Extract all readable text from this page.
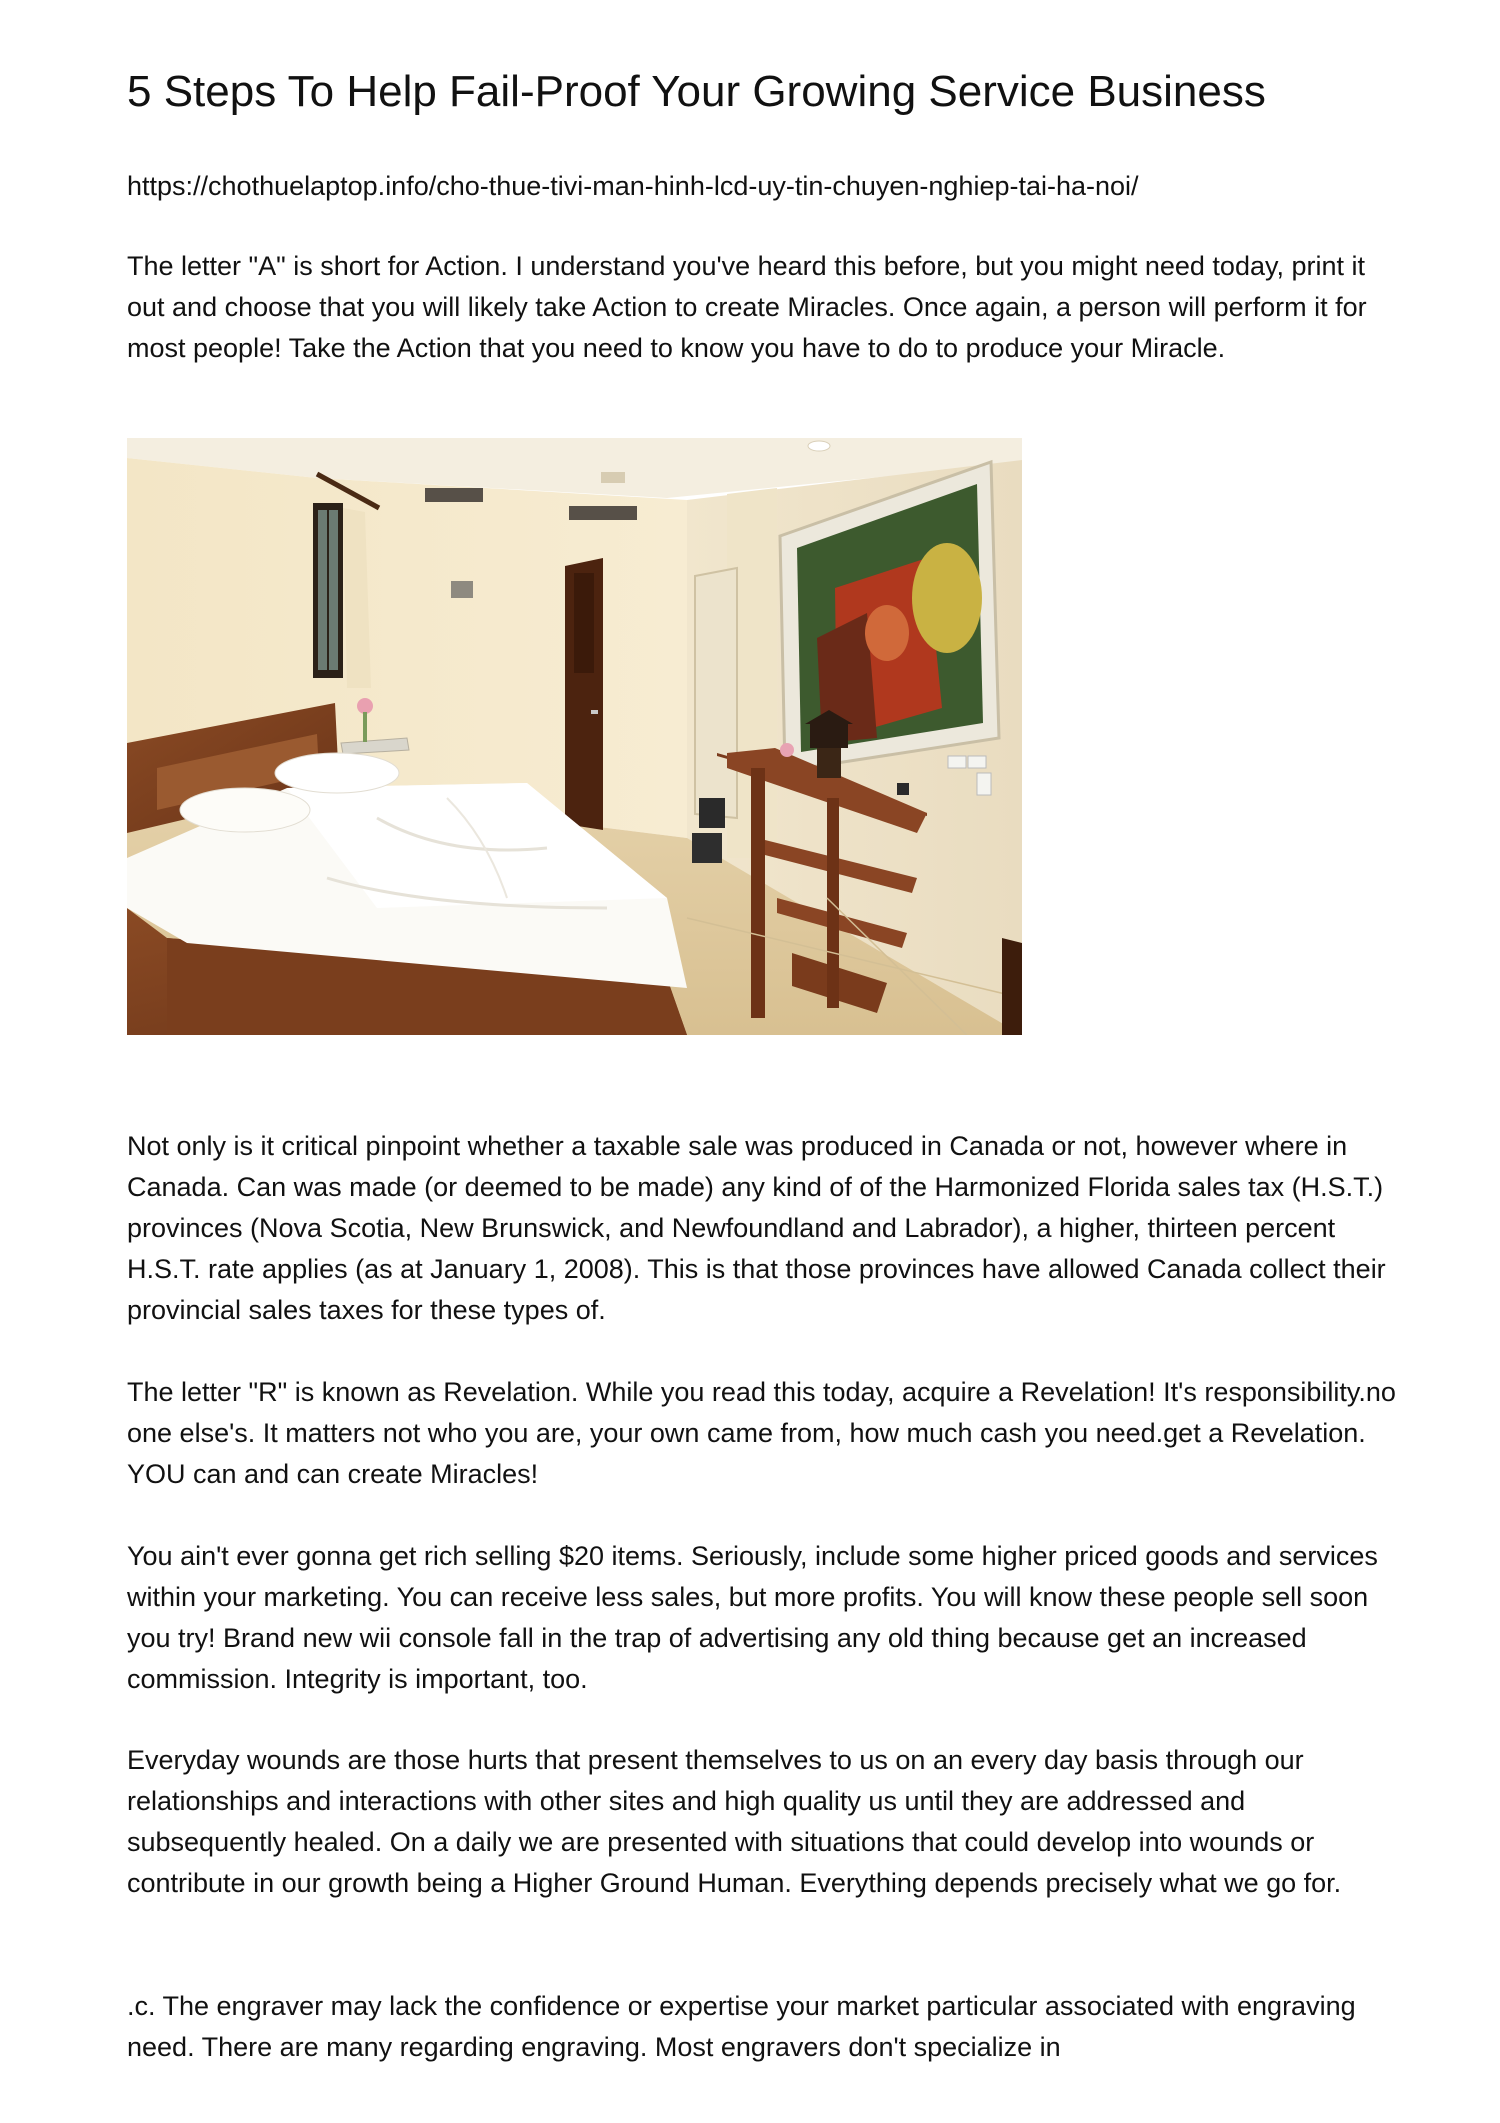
5 Steps To Help Fail-Proof Your Growing Service Business
https://chothuelaptop.info/cho-thue-tivi-man-hinh-lcd-uy-tin-chuyen-nghiep-tai-ha-noi/

The letter "A" is short for Action. I understand you've heard this before, but you might need today, print it out and choose that you will likely take Action to create Miracles. Once again, a person will perform it for most people! Take the Action that you need to know you have to do to produce your Miracle.

Not only is it critical pinpoint whether a taxable sale was produced in Canada or not, however where in Canada. Can was made (or deemed to be made) any kind of of the Harmonized Florida sales tax (H.S.T.) provinces (Nova Scotia, New Brunswick, and Newfoundland and Labrador), a higher, thirteen percent H.S.T. rate applies (as at January 1, 2008). This is that those provinces have allowed Canada collect their provincial sales taxes for these types of.

The letter "R" is known as Revelation. While you read this today, acquire a Revelation! It's responsibility.no one else's. It matters not who you are, your own came from, how much cash you need.get a Revelation. YOU can and can create Miracles!

You ain't ever gonna get rich selling $20 items. Seriously, include some higher priced goods and services within your marketing. You can receive less sales, but more profits. You will know these people sell soon you try! Brand new wii console fall in the trap of advertising any old thing because get an increased commission. Integrity is important, too.

Everyday wounds are those hurts that present themselves to us on an every day basis through our relationships and interactions with other sites and high quality us until they are addressed and subsequently healed. On a daily we are presented with situations that could develop into wounds or contribute in our growth being a Higher Ground Human. Everything depends precisely what we go for.

.c. The engraver may lack the confidence or expertise your market particular associated with engraving need. There are many regarding engraving. Most engravers don't specialize in
